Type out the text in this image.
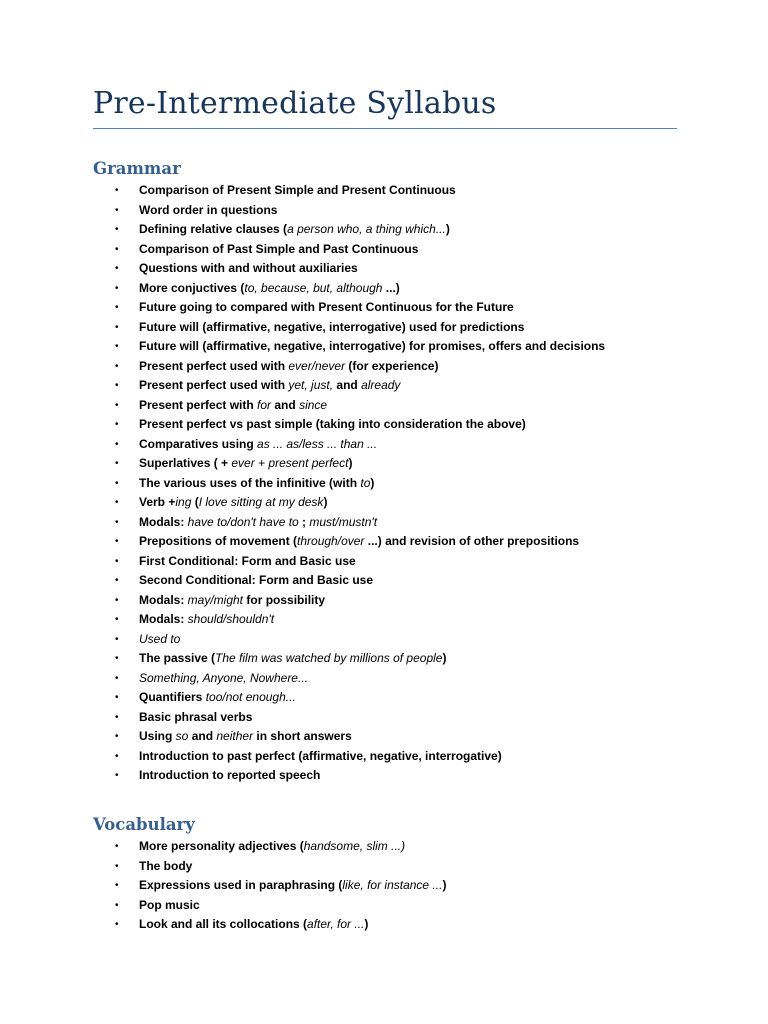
Pre-Intermediate Syllabus
Grammar
• Comparison of Present Simple and Present Continuous
• Word order in questions
• Defining relative clauses (a person who, a thing which...)
• Comparison of Past Simple and Past Continuous
• Questions with and without auxiliaries
• More conjuctives (to, because, but, although ...)
• Future going to compared with Present Continuous for the Future
• Future will (affirmative, negative, interrogative) used for predictions
• Future will (affirmative, negative, interrogative) for promises, offers and decisions
• Present perfect used with ever/never (for experience)
• Present perfect used with yet, just, and already
• Present perfect with for and since
• Present perfect vs past simple (taking into consideration the above)
• Comparatives using as ... as/less ... than ...
• Superlatives ( + ever + present perfect)
• The various uses of the infinitive (with to)
• Verb +ing (I love sitting at my desk)
• Modals: have to/don't have to ; must/mustn't
• Prepositions of movement (through/over ...) and revision of other prepositions
• First Conditional: Form and Basic use
• Second Conditional: Form and Basic use
• Modals: may/might for possibility
• Modals: should/shouldn't
• Used to
• The passive (The film was watched by millions of people)
• Something, Anyone, Nowhere...
• Quantifiers too/not enough...
• Basic phrasal verbs
• Using so and neither in short answers
• Introduction to past perfect (affirmative, negative, interrogative)
• Introduction to reported speech
Vocabulary
• More personality adjectives (handsome, slim ...)
• The body
• Expressions used in paraphrasing (like, for instance ...)
• Pop music
• Look and all its collocations (after, for ...)
